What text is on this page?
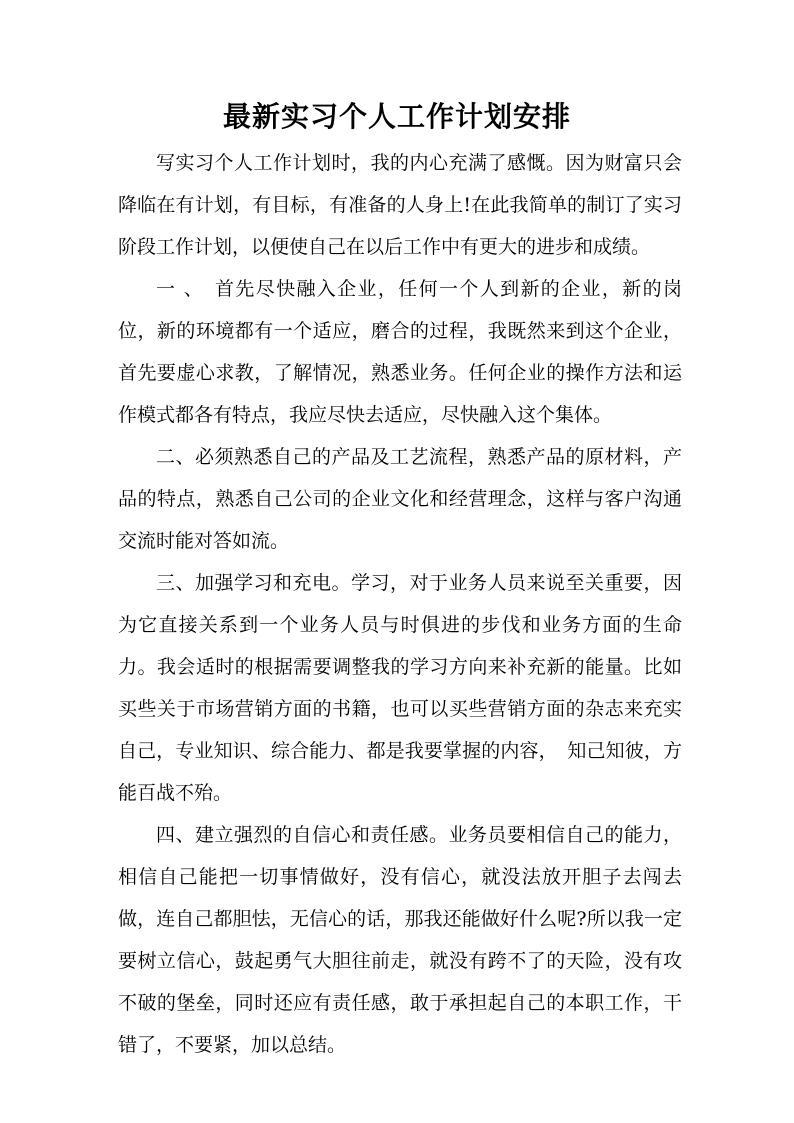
最新实习个人工作计划安排

写实习个人工作计划时，我的内心充满了感慨。因为财富只会降临在有计划，有目标，有准备的人身上!在此我简单的制订了实习阶段工作计划，以便使自己在以后工作中有更大的进步和成绩。

一 、　首先尽快融入企业，任何一个人到新的企业，新的岗位，新的环境都有一个适应，磨合的过程，我既然来到这个企业，首先要虚心求教，了解情况，熟悉业务。任何企业的操作方法和运作模式都各有特点，我应尽快去适应，尽快融入这个集体。

二、必须熟悉自己的产品及工艺流程，熟悉产品的原材料，产品的特点，熟悉自己公司的企业文化和经营理念，这样与客户沟通交流时能对答如流。

三、加强学习和充电。学习，对于业务人员来说至关重要，因为它直接关系到一个业务人员与时俱进的步伐和业务方面的生命力。我会适时的根据需要调整我的学习方向来补充新的能量。比如买些关于市场营销方面的书籍，也可以买些营销方面的杂志来充实自己，专业知识、综合能力、都是我要掌握的内容，　知己知彼，方能百战不殆。

四、建立强烈的自信心和责任感。业务员要相信自己的能力，相信自己能把一切事情做好，没有信心，就没法放开胆子去闯去做，连自己都胆怯，无信心的话，那我还能做好什么呢?所以我一定要树立信心，鼓起勇气大胆往前走，就没有跨不了的天险，没有攻不破的堡垒，同时还应有责任感，敢于承担起自己的本职工作，干错了，不要紧，加以总结。
